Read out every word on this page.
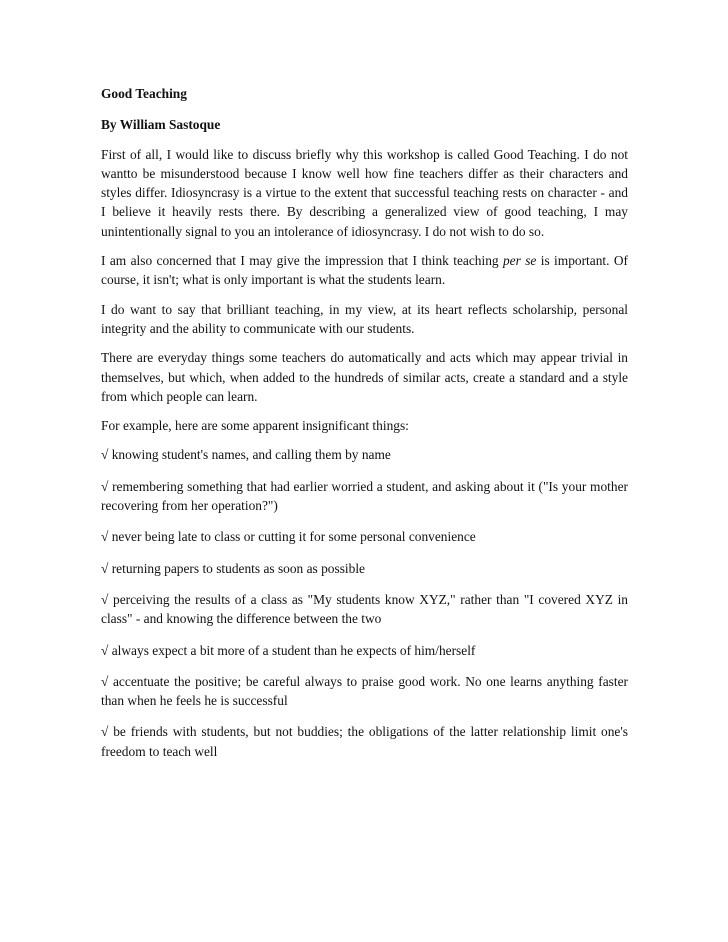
Good Teaching

By William Sastoque

First of all, I would like to discuss briefly why this workshop is called Good Teaching. I do not wantto be misunderstood because I know well how fine teachers differ as their characters and styles differ. Idiosyncrasy is a virtue to the extent that successful teaching rests on character - and I believe it heavily rests there. By describing a generalized view of good teaching, I may unintentionally signal to you an intolerance of idiosyncrasy. I do not wish to do so.

I am also concerned that I may give the impression that I think teaching per se is important. Of course, it isn't; what is only important is what the students learn.

I do want to say that brilliant teaching, in my view, at its heart reflects scholarship, personal integrity and the ability to communicate with our students.

There are everyday things some teachers do automatically and acts which may appear trivial in themselves, but which, when added to the hundreds of similar acts, create a standard and a style from which people can learn.

For example, here are some apparent insignificant things:

√ knowing student's names, and calling them by name

√ remembering something that had earlier worried a student, and asking about it ("Is your mother recovering from her operation?")

√ never being late to class or cutting it for some personal convenience

√ returning papers to students as soon as possible

√ perceiving the results of a class as "My students know XYZ," rather than "I covered XYZ in class" - and knowing the difference between the two

√ always expect a bit more of a student than he expects of him/herself

√ accentuate the positive; be careful always to praise good work. No one learns anything faster than when he feels he is successful

√ be friends with students, but not buddies; the obligations of the latter relationship limit one's freedom to teach well
